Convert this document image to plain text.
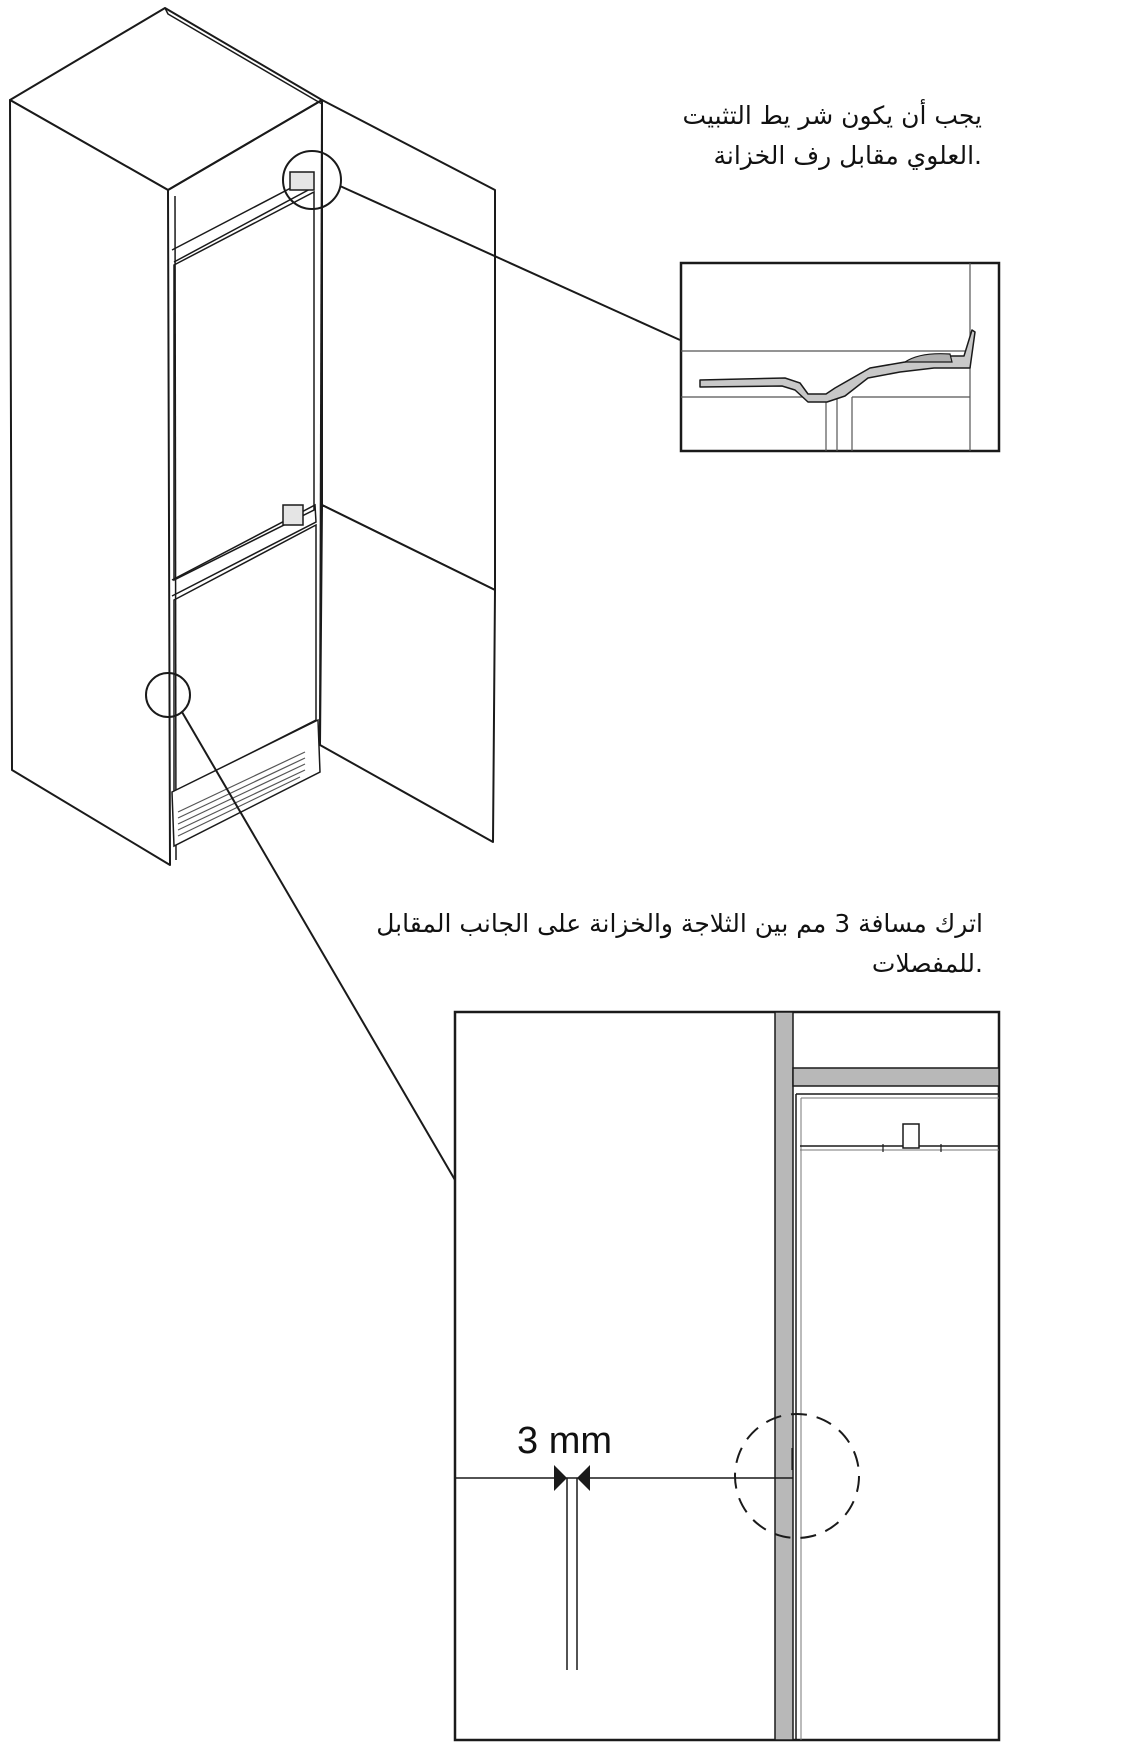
يجب أن يكون شر يط التثبيت
.العلوي مقابل رف الخزانة

اترك مسافة 3 مم بين الثلاجة والخزانة على الجانب المقابل
.للمفصلات

3 mm
